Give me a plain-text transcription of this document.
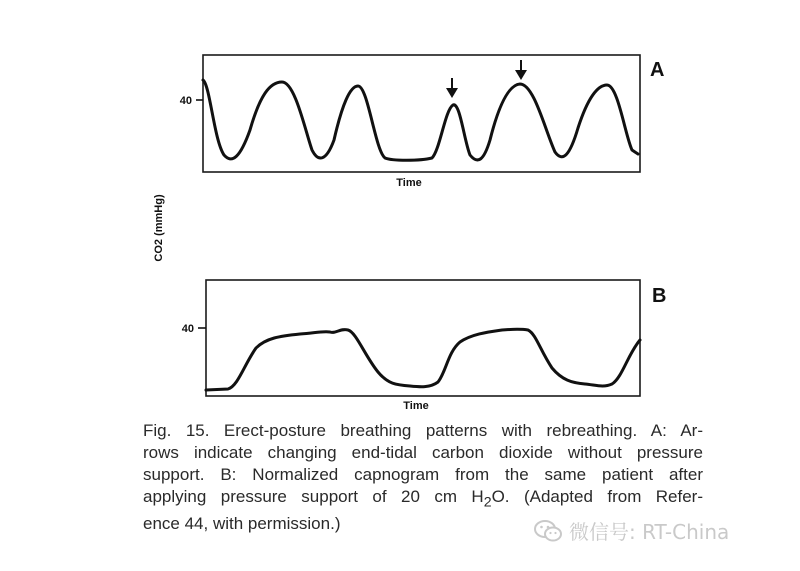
40
Time
A
CO2 (mmHg)
40
Time
B

Fig. 15. Erect-posture breathing patterns with rebreathing. A: Ar-
rows indicate changing end-tidal carbon dioxide without pressure
support. B: Normalized capnogram from the same patient after
applying pressure support of 20 cm $H_2O$. (Adapted from Refer-
ence 44, with permission.)	微信号: RT-China
